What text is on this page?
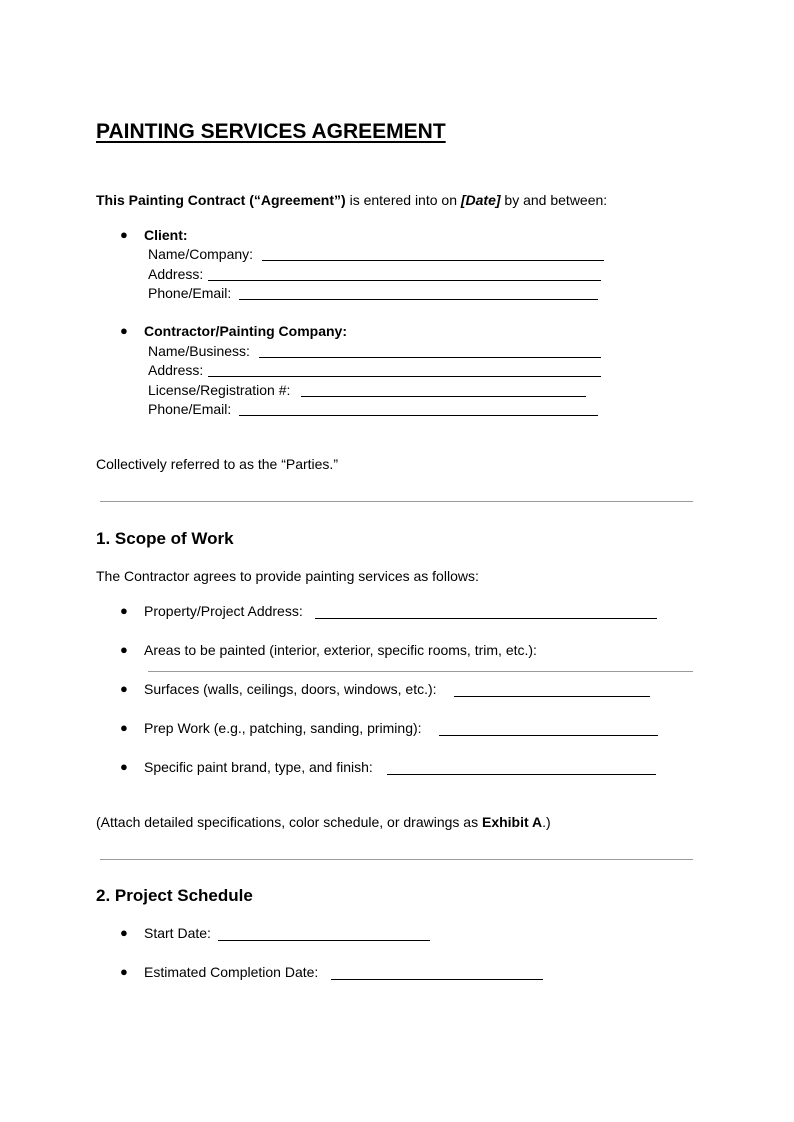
PAINTING SERVICES AGREEMENT
This Painting Contract (“Agreement”) is entered into on [Date] by and between:
● Client:
Name/Company:
Address:
Phone/Email:
● Contractor/Painting Company:
Name/Business:
Address:
License/Registration #:
Phone/Email:
Collectively referred to as the “Parties.”
1. Scope of Work
The Contractor agrees to provide painting services as follows:
● Property/Project Address:
● Areas to be painted (interior, exterior, specific rooms, trim, etc.):
● Surfaces (walls, ceilings, doors, windows, etc.):
● Prep Work (e.g., patching, sanding, priming):
● Specific paint brand, type, and finish:
(Attach detailed specifications, color schedule, or drawings as Exhibit A.)
2. Project Schedule
● Start Date:
● Estimated Completion Date:
